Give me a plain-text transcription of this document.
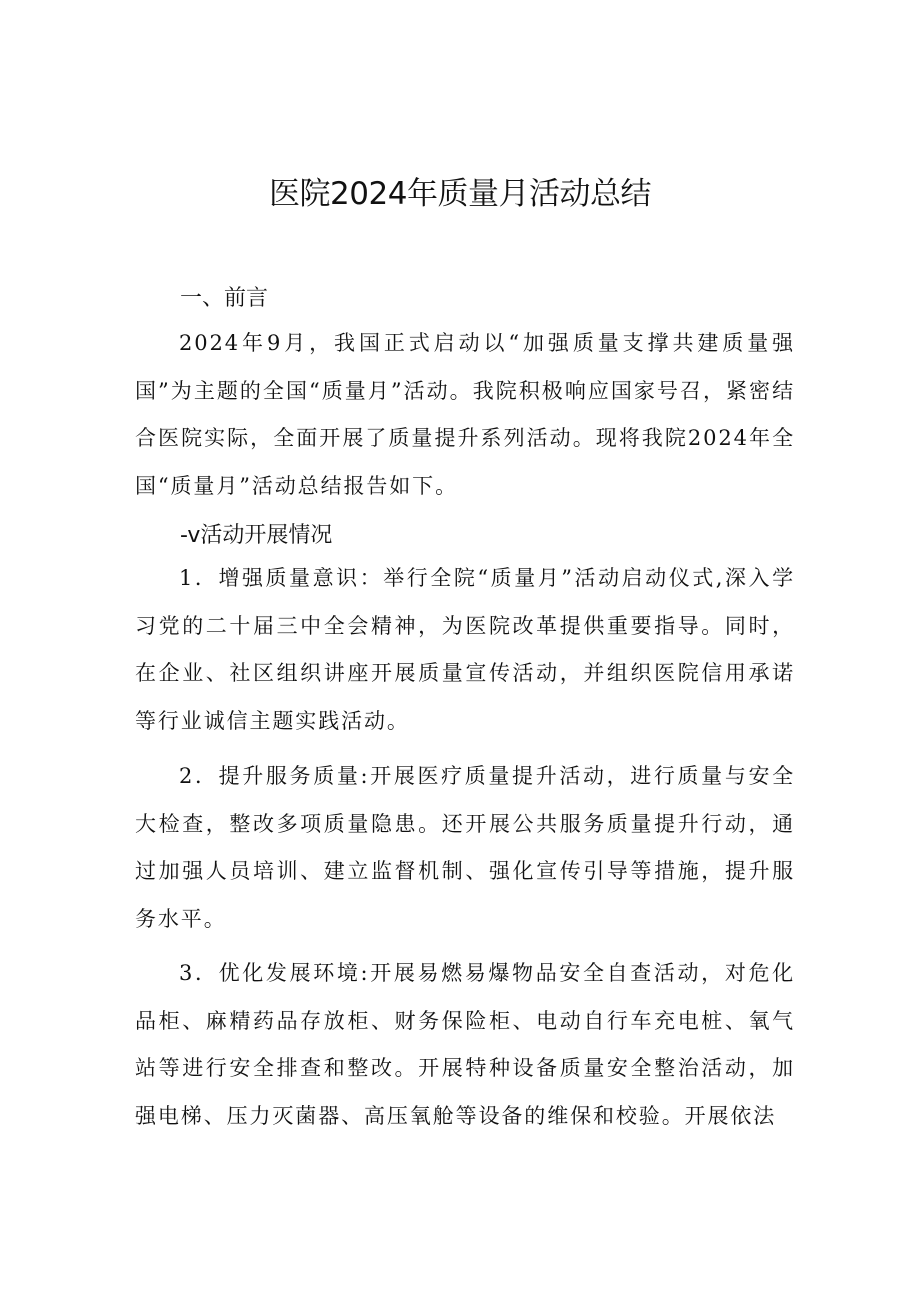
医院2024年质量月活动总结
一、前言

2024年9月，我国正式启动以“加强质量支撑共建质量强国”为主题的全国“质量月”活动。我院积极响应国家号召，紧密结合医院实际，全面开展了质量提升系列活动。现将我院2024年全国“质量月”活动总结报告如下。

-v活动开展情况

1．增强质量意识：举行全院“质量月”活动启动仪式,深入学习党的二十届三中全会精神，为医院改革提供重要指导。同时，在企业、社区组织讲座开展质量宣传活动，并组织医院信用承诺等行业诚信主题实践活动。

2．提升服务质量:开展医疗质量提升活动，进行质量与安全大检查，整改多项质量隐患。还开展公共服务质量提升行动，通过加强人员培训、建立监督机制、强化宣传引导等措施，提升服务水平。

3．优化发展环境:开展易燃易爆物品安全自查活动，对危化品柜、麻精药品存放柜、财务保险柜、电动自行车充电桩、氧气站等进行安全排查和整改。开展特种设备质量安全整治活动，加强电梯、压力灭菌器、高压氧舱等设备的维保和校验。开展依法
